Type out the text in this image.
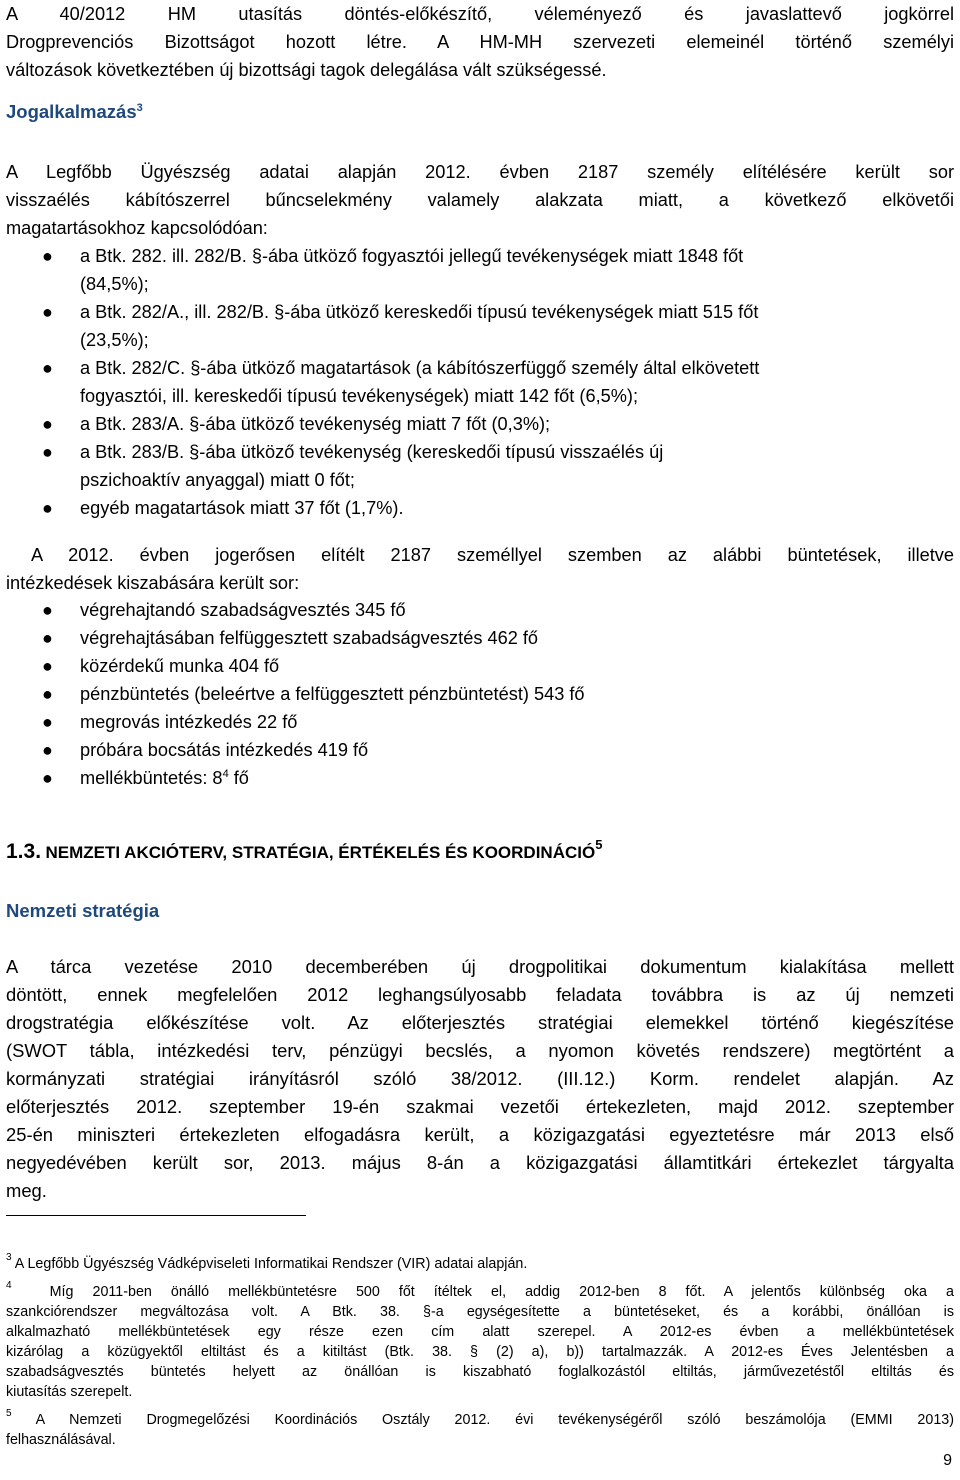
A 40/2012 HM utasítás döntés-előkészítő, véleményező és javaslattevő jogkörrel
Drogprevenciós Bizottságot hozott létre. A HM-MH szervezeti elemeinél történő személyi
változások következtében új bizottsági tagok delegálása vált szükségessé.
Jogalkalmazás$^3$
A Legfőbb Ügyészség adatai alapján 2012. évben 2187 személy elítélésére került sor
visszaélés kábítószerrel bűncselekmény valamely alakzata miatt, a következő elkövetői
magatartásokhoz kapcsolódóan:
● a Btk. 282. ill. 282/B. §-ába ütköző fogyasztói jellegű tevékenységek miatt 1848 főt
(84,5%);
● a Btk. 282/A., ill. 282/B. §-ába ütköző kereskedői típusú tevékenységek miatt 515 főt
(23,5%);
● a Btk. 282/C. §-ába ütköző magatartások (a kábítószerfüggő személy által elkövetett
fogyasztói, ill. kereskedői típusú tevékenységek) miatt 142 főt (6,5%);
● a Btk. 283/A. §-ába ütköző tevékenység miatt 7 főt (0,3%);
● a Btk. 283/B. §-ába ütköző tevékenység (kereskedői típusú visszaélés új
pszichoaktív anyaggal) miatt 0 főt;
● egyéb magatartások miatt 37 főt (1,7%).
A 2012. évben jogerősen elítélt 2187 személlyel szemben az alábbi büntetések, illetve
intézkedések kiszabására került sor:
● végrehajtandó szabadságvesztés 345 fő
● végrehajtásában felfüggesztett szabadságvesztés 462 fő
● közérdekű munka 404 fő
● pénzbüntetés (beleértve a felfüggesztett pénzbüntetést) 543 fő
● megrovás intézkedés 22 fő
● próbára bocsátás intézkedés 419 fő
● mellékbüntetés: $8^4$ fő
1.3. NEMZETI AKCIÓTERV, STRATÉGIA, ÉRTÉKELÉS ÉS KOORDINÁCIÓ$^5$
Nemzeti stratégia
A tárca vezetése 2010 decemberében új drogpolitikai dokumentum kialakítása mellett
döntött, ennek megfelelően 2012 leghangsúlyosabb feladata továbbra is az új nemzeti
drogstratégia előkészítése volt. Az előterjesztés stratégiai elemekkel történő kiegészítése
(SWOT tábla, intézkedési terv, pénzügyi becslés, a nyomon követés rendszere) megtörtént a
kormányzati stratégiai irányításról szóló 38/2012. (III.12.) Korm. rendelet alapján. Az
előterjesztés 2012. szeptember 19-én szakmai vezetői értekezleten, majd 2012. szeptember
25-én miniszteri értekezleten elfogadásra került, a közigazgatási egyeztetésre már 2013 első
negyedévében került sor, 2013. május 8-án a közigazgatási államtitkári értekezlet tárgyalta
meg.
$^3$ A Legfőbb Ügyészség Vádképviseleti Informatikai Rendszer (VIR) adatai alapján.
$^4$  Míg 2011-ben önálló mellékbüntetésre 500 főt ítéltek el, addig 2012-ben 8 főt. A jelentős különbség oka a
szankciórendszer megváltozása volt. A Btk. 38. §-a egységesítette a büntetéseket, és a korábbi, önállóan is
alkalmazható mellékbüntetések egy része ezen cím alatt szerepel. A 2012-es évben a mellékbüntetések
kizárólag a közügyektől eltiltást és a kitiltást (Btk. 38. § (2) a), b)) tartalmazzák. A 2012-es Éves Jelentésben a
szabadságvesztés büntetés helyett az önállóan is kiszabható foglalkozástól eltiltás, járművezetéstől eltiltás és
kiutasítás szerepelt.
$^5$ A Nemzeti Drogmegelőzési Koordinációs Osztály 2012. évi tevékenységéről szóló beszámolója (EMMI 2013)
felhasználásával.
9
